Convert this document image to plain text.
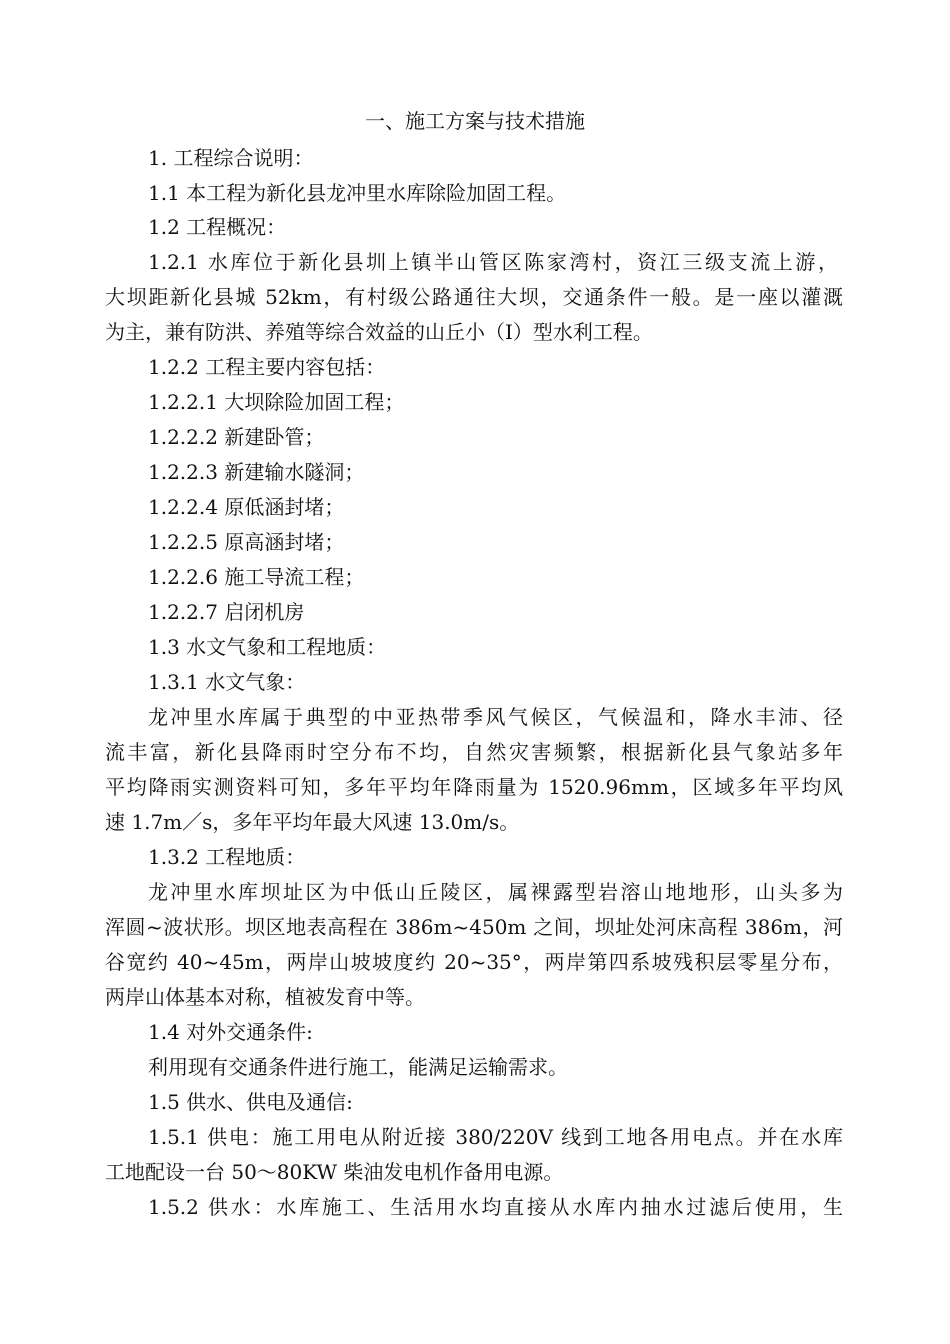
一、施工方案与技术措施
1. 工程综合说明：
1.1 本工程为新化县龙冲里水库除险加固工程。
1.2 工程概况：
1.2.1 水库位于新化县圳上镇半山管区陈家湾村，资江三级支流上游，
大坝距新化县城 52km，有村级公路通往大坝，交通条件一般。是一座以灌溉
为主，兼有防洪、养殖等综合效益的山丘小（Ⅰ）型水利工程。
1.2.2 工程主要内容包括：
1.2.2.1 大坝除险加固工程；
1.2.2.2 新建卧管；
1.2.2.3 新建输水隧洞；
1.2.2.4 原低涵封堵；
1.2.2.5 原高涵封堵；
1.2.2.6 施工导流工程；
1.2.2.7 启闭机房
1.3 水文气象和工程地质：
1.3.1 水文气象：
龙冲里水库属于典型的中亚热带季风气候区，气候温和，降水丰沛、径
流丰富，新化县降雨时空分布不均，自然灾害频繁，根据新化县气象站多年
平均降雨实测资料可知，多年平均年降雨量为 1520.96mm，区域多年平均风
速 1.7m／s，多年平均年最大风速 13.0m/s。
1.3.2 工程地质：
龙冲里水库坝址区为中低山丘陵区，属裸露型岩溶山地地形，山头多为
浑圆~波状形。坝区地表高程在 386m~450m 之间，坝址处河床高程 386m，河
谷宽约 40~45m，两岸山坡坡度约 20~35°，两岸第四系坡残积层零星分布，
两岸山体基本对称，植被发育中等。
1.4 对外交通条件:
利用现有交通条件进行施工，能满足运输需求。
1.5 供水、供电及通信:
1.5.1 供电：施工用电从附近接 380/220V 线到工地各用电点。并在水库
工地配设一台 50～80KW 柴油发电机作备用电源。
1.5.2 供水：水库施工、生活用水均直接从水库内抽水过滤后使用，生
